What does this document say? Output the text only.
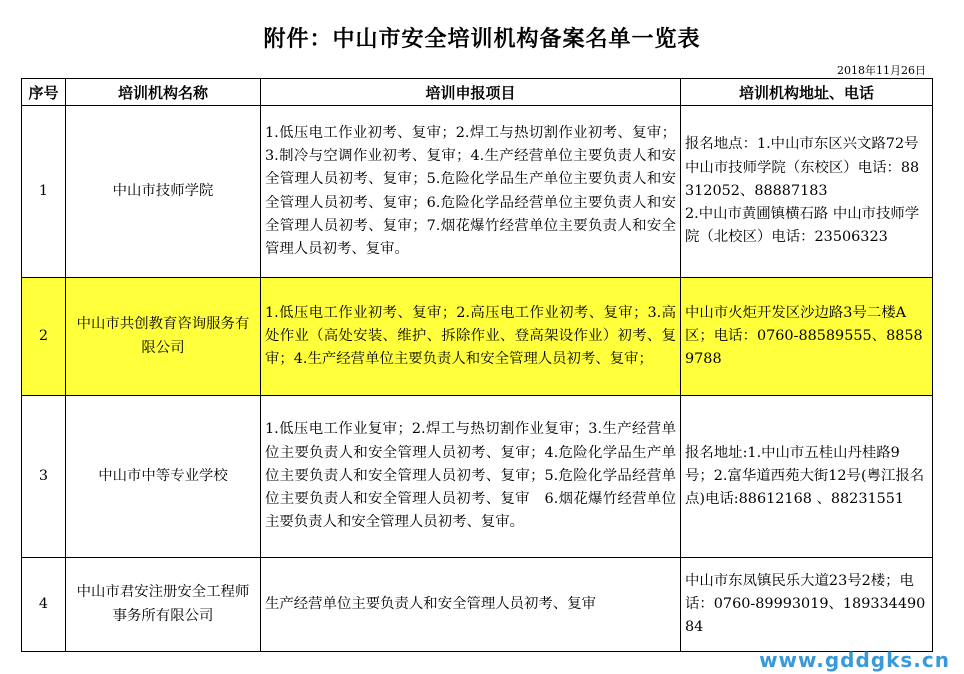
附件：中山市安全培训机构备案名单一览表
2018年11月26日
序号	培训机构名称	培训申报项目	培训机构地址、电话
1	中山市技师学院	1.低压电工作业初考、复审；2.焊工与热切割作业初考、复审；3.制冷与空调作业初考、复审；4.生产经营单位主要负责人和安全管理人员初考、复审；5.危险化学品生产单位主要负责人和安全管理人员初考、复审；6.危险化学品经营单位主要负责人和安全管理人员初考、复审；7.烟花爆竹经营单位主要负责人和安全管理人员初考、复审。	报名地点：1.中山市东区兴文路72号 中山市技师学院（东校区）电话：88312052、88887183
2.中山市黄圃镇横石路 中山市技师学院（北校区）电话：23506323
2	中山市共创教育咨询服务有限公司	1.低压电工作业初考、复审；2.高压电工作业初考、复审；3.高处作业（高处安装、维护、拆除作业、登高架设作业）初考、复审；4.生产经营单位主要负责人和安全管理人员初考、复审；	中山市火炬开发区沙边路3号二楼A区；电话：0760-88589555、88589788
3	中山市中等专业学校	1.低压电工作业复审；2.焊工与热切割作业复审；3.生产经营单位主要负责人和安全管理人员初考、复审；4.危险化学品生产单位主要负责人和安全管理人员初考、复审；5.危险化学品经营单位主要负责人和安全管理人员初考、复审　6.烟花爆竹经营单位主要负责人和安全管理人员初考、复审。	报名地址:1.中山市五桂山丹桂路9号；2.富华道西苑大街12号(粤江报名点)电话:88612168 、88231551
4	中山市君安注册安全工程师事务所有限公司	生产经营单位主要负责人和安全管理人员初考、复审	中山市东凤镇民乐大道23号2楼；电话：0760-89993019、18933449084
www.gddgks.cn
